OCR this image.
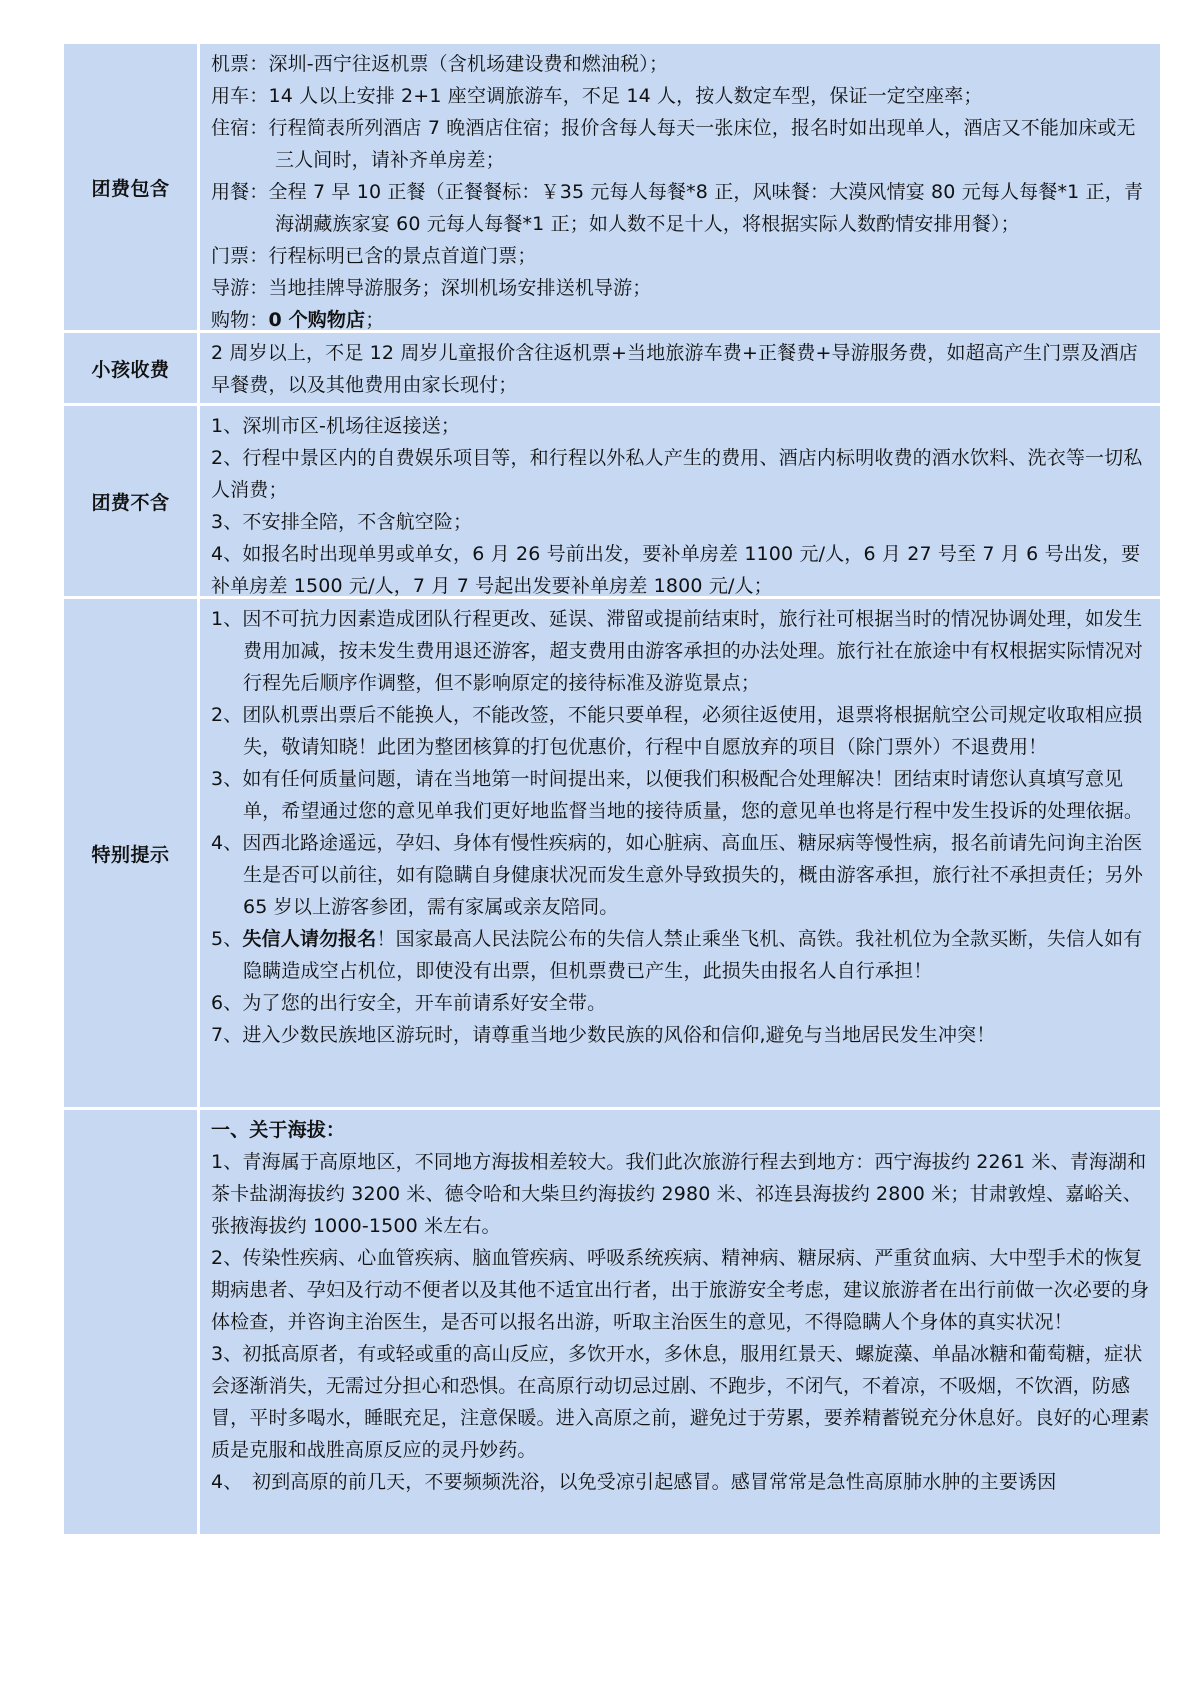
团费包含
机票：深圳-西宁往返机票（含机场建设费和燃油税）；
用车：14 人以上安排 2+1 座空调旅游车，不足 14 人，按人数定车型，保证一定空座率；
住宿：行程简表所列酒店 7 晚酒店住宿；报价含每人每天一张床位，报名时如出现单人，酒店又不能加床或无三人间时，请补齐单房差；
用餐：全程 7 早 10 正餐（正餐餐标：￥35 元每人每餐*8 正，风味餐：大漠风情宴 80 元每人每餐*1 正，青海湖藏族家宴 60 元每人每餐*1 正；如人数不足十人，将根据实际人数酌情安排用餐）；
门票：行程标明已含的景点首道门票；
导游：当地挂牌导游服务；深圳机场安排送机导游；
购物：0 个购物店；
小孩收费
2 周岁以上，不足 12 周岁儿童报价含往返机票+当地旅游车费+正餐费+导游服务费，如超高产生门票及酒店早餐费，以及其他费用由家长现付；
团费不含
1、深圳市区-机场往返接送；
2、行程中景区内的自费娱乐项目等，和行程以外私人产生的费用、酒店内标明收费的酒水饮料、洗衣等一切私人消费；
3、不安排全陪，不含航空险；
4、如报名时出现单男或单女，6 月 26 号前出发，要补单房差 1100 元/人，6 月 27 号至 7 月 6 号出发，要补单房差 1500 元/人，7 月 7 号起出发要补单房差 1800 元/人；
特别提示
1、因不可抗力因素造成团队行程更改、延误、滞留或提前结束时，旅行社可根据当时的情况协调处理，如发生费用加减，按未发生费用退还游客，超支费用由游客承担的办法处理。旅行社在旅途中有权根据实际情况对行程先后顺序作调整，但不影响原定的接待标准及游览景点；
2、团队机票出票后不能换人，不能改签，不能只要单程，必须往返使用，退票将根据航空公司规定收取相应损失，敬请知晓！此团为整团核算的打包优惠价，行程中自愿放弃的项目（除门票外）不退费用！
3、如有任何质量问题，请在当地第一时间提出来，以便我们积极配合处理解决！团结束时请您认真填写意见单，希望通过您的意见单我们更好地监督当地的接待质量，您的意见单也将是行程中发生投诉的处理依据。
4、因西北路途遥远，孕妇、身体有慢性疾病的，如心脏病、高血压、糖尿病等慢性病，报名前请先问询主治医生是否可以前往，如有隐瞒自身健康状况而发生意外导致损失的，概由游客承担，旅行社不承担责任；另外 65 岁以上游客参团，需有家属或亲友陪同。
5、失信人请勿报名！国家最高人民法院公布的失信人禁止乘坐飞机、高铁。我社机位为全款买断，失信人如有隐瞒造成空占机位，即使没有出票，但机票费已产生，此损失由报名人自行承担！
6、为了您的出行安全，开车前请系好安全带。
7、进入少数民族地区游玩时，请尊重当地少数民族的风俗和信仰,避免与当地居民发生冲突！
一、关于海拔：
1、青海属于高原地区，不同地方海拔相差较大。我们此次旅游行程去到地方：西宁海拔约 2261 米、青海湖和茶卡盐湖海拔约 3200 米、德令哈和大柴旦约海拔约 2980 米、祁连县海拔约 2800 米；甘肃敦煌、嘉峪关、张掖海拔约 1000-1500 米左右。
2、传染性疾病、心血管疾病、脑血管疾病、呼吸系统疾病、精神病、糖尿病、严重贫血病、大中型手术的恢复期病患者、孕妇及行动不便者以及其他不适宜出行者，出于旅游安全考虑，建议旅游者在出行前做一次必要的身体检查，并咨询主治医生，是否可以报名出游，听取主治医生的意见，不得隐瞒人个身体的真实状况！
3、初抵高原者，有或轻或重的高山反应，多饮开水，多休息，服用红景天、螺旋藻、单晶冰糖和葡萄糖，症状会逐渐消失，无需过分担心和恐惧。在高原行动切忌过剧、不跑步，不闭气，不着凉，不吸烟，不饮酒，防感冒，平时多喝水，睡眠充足，注意保暖。进入高原之前，避免过于劳累，要养精蓄锐充分休息好。良好的心理素质是克服和战胜高原反应的灵丹妙药。
4、　初到高原的前几天，不要频频洗浴，以免受凉引起感冒。感冒常常是急性高原肺水肿的主要诱因
